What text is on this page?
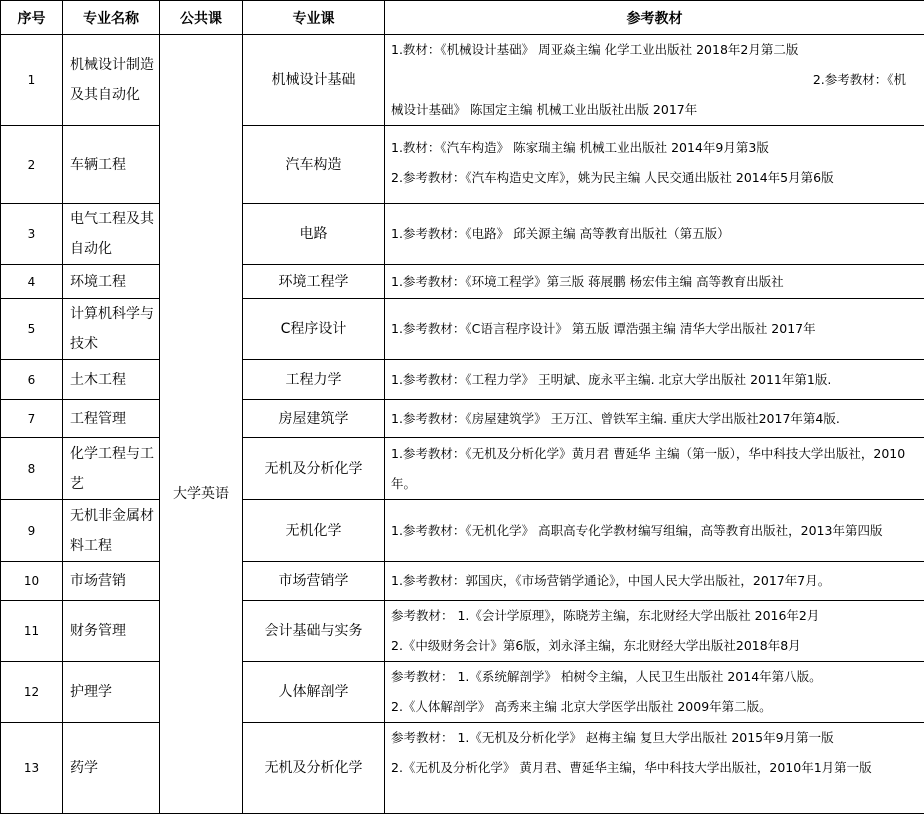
序号	专业名称	公共课	专业课	参考教材
1	机械设计制造及其自动化	大学英语	机械设计基础	1.教材：《机械设计基础》 周亚焱主编 化学工业出版社 2018年2月第二版
2.参考教材：《机
械设计基础》 陈国定主编 机械工业出版社出版 2017年

2	车辆工程		汽车构造	1.教材：《汽车构造》 陈家瑞主编 机械工业出版社 2014年9月第3版
2.参考教材：《汽车构造史文库》，姚为民主编 人民交通出版社 2014年5月第6版

3	电气工程及其自动化		电路	1.参考教材：《电路》 邱关源主编 高等教育出版社（第五版）

4	环境工程		环境工程学	1.参考教材：《环境工程学》第三版 蒋展鹏 杨宏伟主编 高等教育出版社

5	计算机科学与技术		C程序设计	1.参考教材：《C语言程序设计》 第五版 谭浩强主编 清华大学出版社 2017年

6	土木工程		工程力学	1.参考教材：《工程力学》 王明斌、庞永平主编. 北京大学出版社 2011年第1版.

7	工程管理		房屋建筑学	1.参考教材：《房屋建筑学》 王万江、曾铁军主编. 重庆大学出版社2017年第4版.

8	化学工程与工艺		无机及分析化学	1.参考教材：《无机及分析化学》黄月君 曹延华 主编（第一版），华中科技大学出版社，2010年。

9	无机非金属材料工程		无机化学	1.参考教材：《无机化学》 高职高专化学教材编写组编，高等教育出版社，2013年第四版

10	市场营销		市场营销学	1.参考教材：郭国庆，《市场营销学通论》，中国人民大学出版社，2017年7月。

11	财务管理		会计基础与实务	参考教材： 1.《会计学原理》，陈晓芳主编，东北财经大学出版社 2016年2月
2.《中级财务会计》第6版，刘永泽主编，东北财经大学出版社2018年8月

12	护理学		人体解剖学	参考教材： 1.《系统解剖学》 柏树令主编，人民卫生出版社 2014年第八版。
2.《人体解剖学》 高秀来主编 北京大学医学出版社 2009年第二版。

13	药学		无机及分析化学	参考教材： 1.《无机及分析化学》 赵梅主编 复旦大学出版社 2015年9月第一版
2.《无机及分析化学》 黄月君、曹延华主编，华中科技大学出版社，2010年1月第一版
